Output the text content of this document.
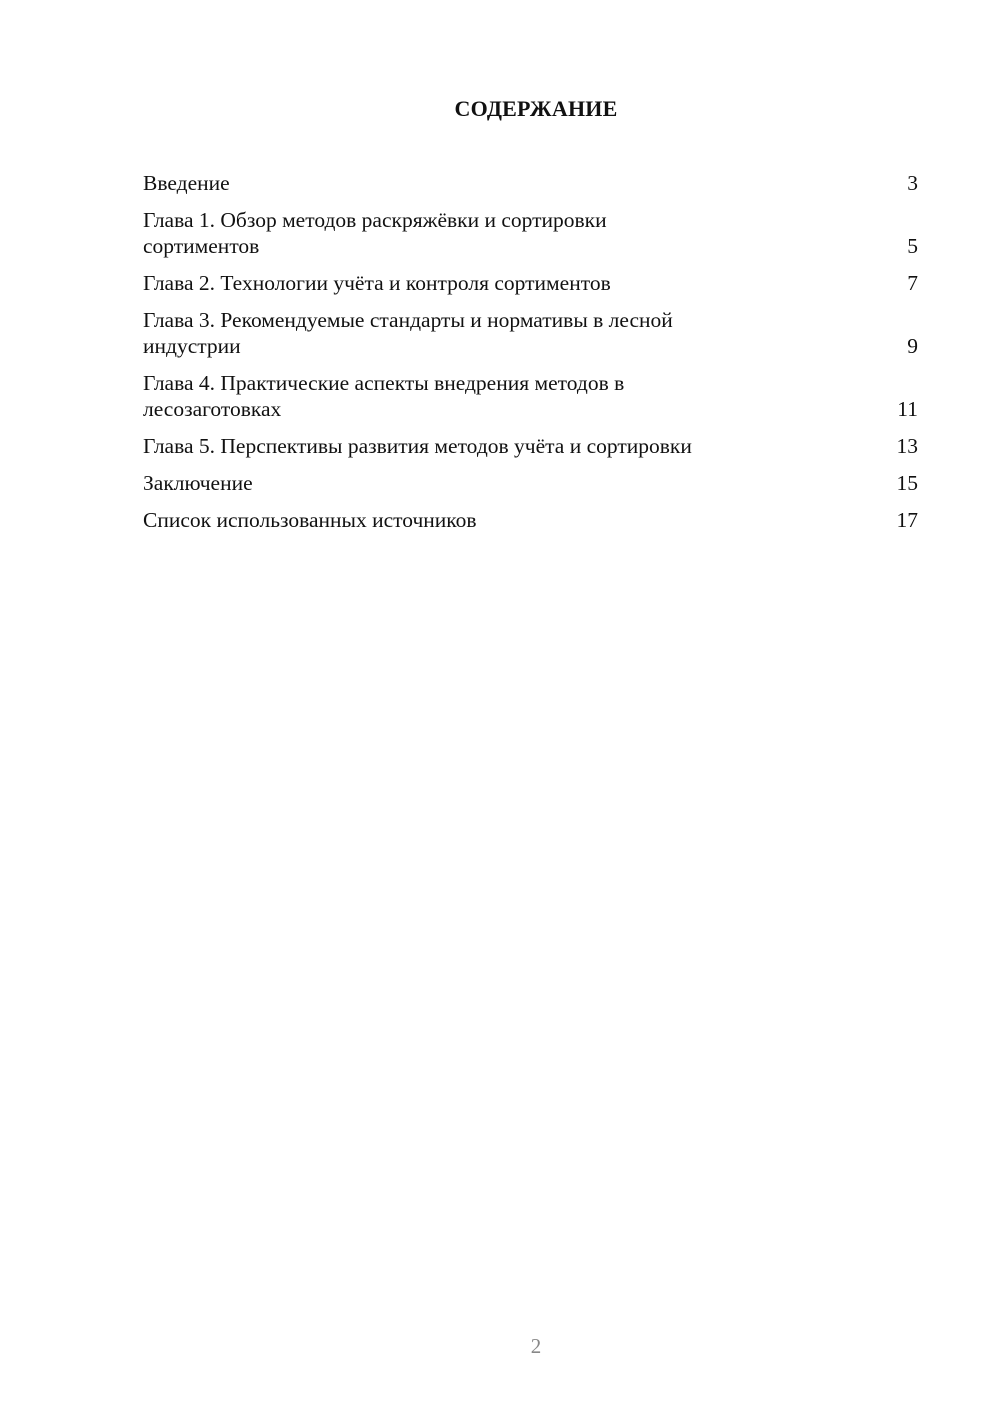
СОДЕРЖАНИЕ
Введение	3
Глава 1. Обзор методов раскряжёвки и сортировки сортиментов	5
Глава 2. Технологии учёта и контроля сортиментов	7
Глава 3. Рекомендуемые стандарты и нормативы в лесной индустрии	9
Глава 4. Практические аспекты внедрения методов в лесозаготовках	11
Глава 5. Перспективы развития методов учёта и сортировки	13
Заключение	15
Список использованных источников	17
2
